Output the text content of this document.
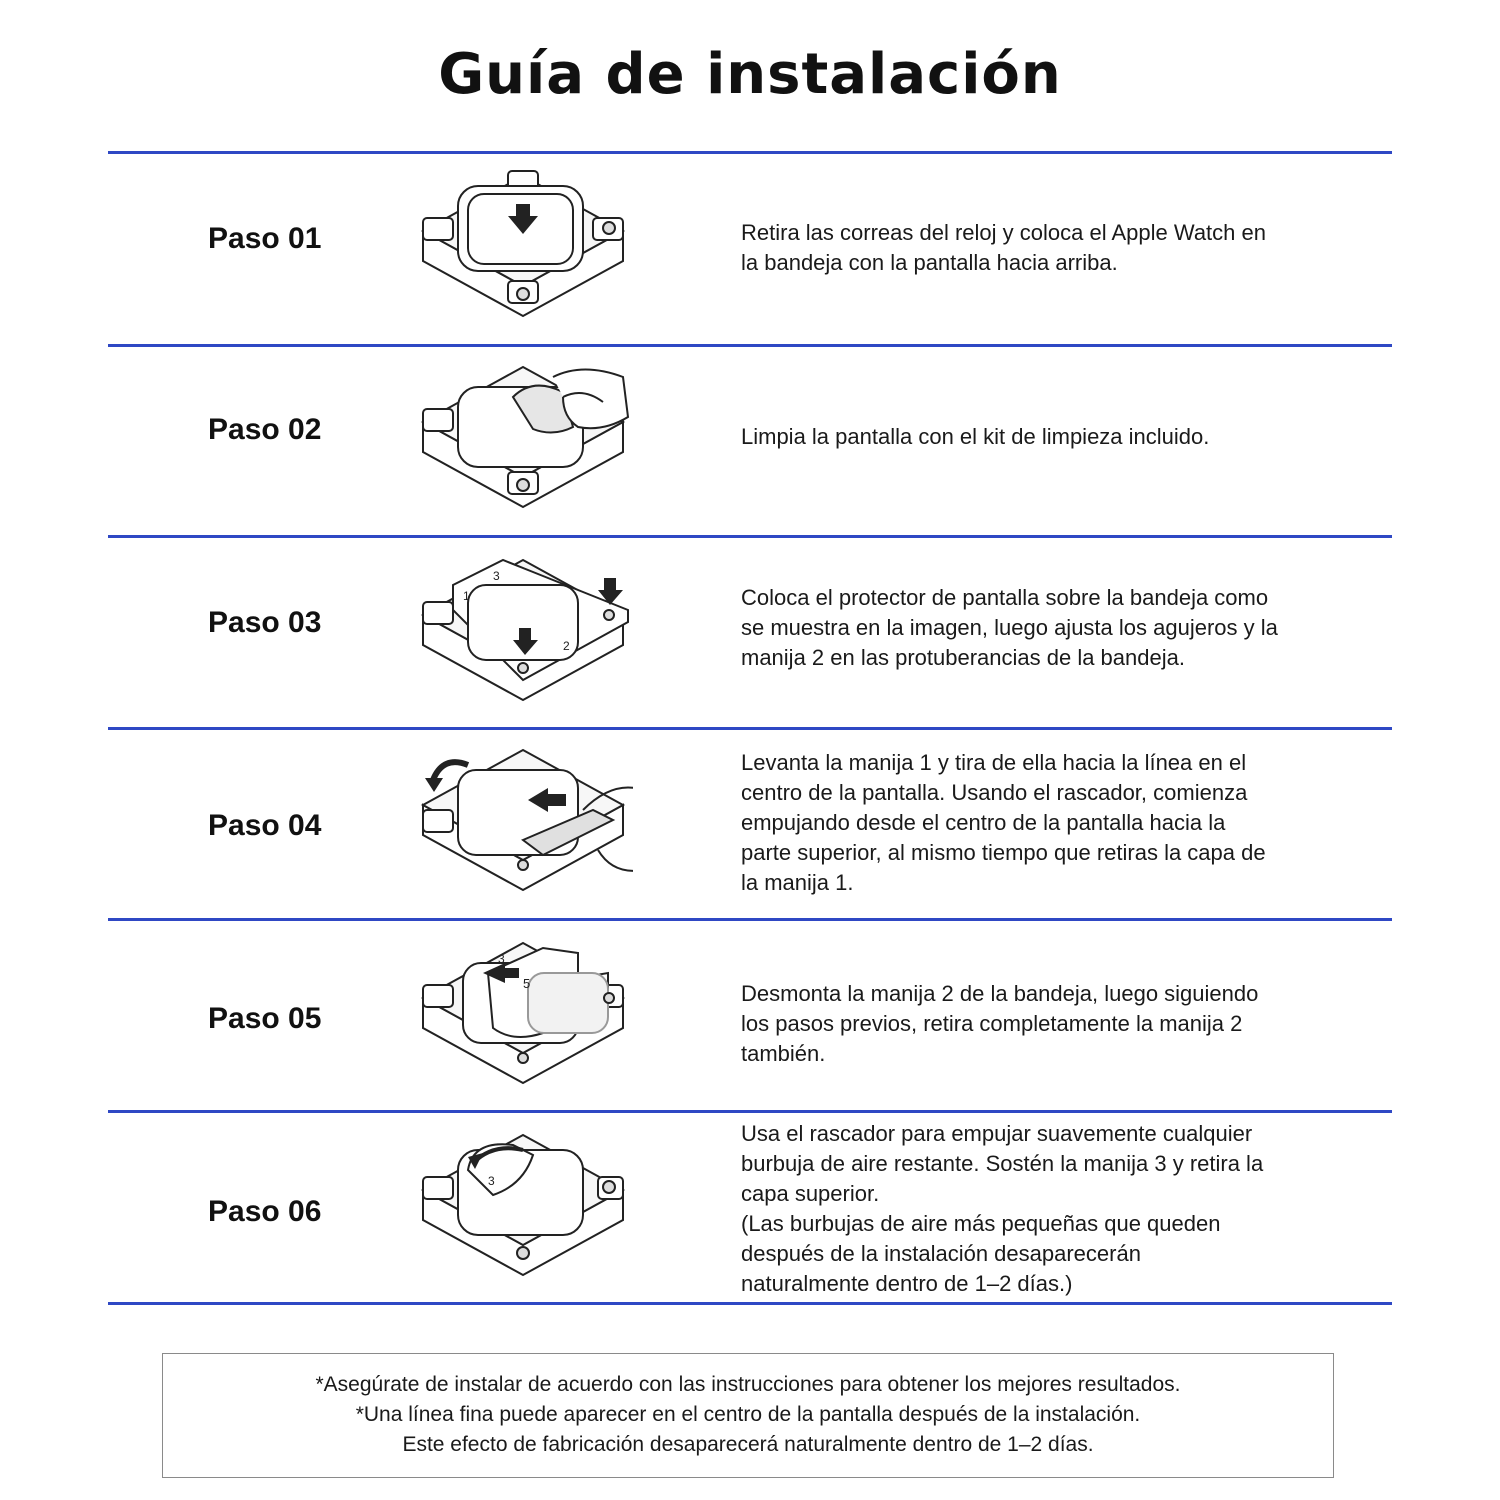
Guía de instalación
Paso 01	Retira las correas del reloj y coloca el Apple Watch en
la bandeja con la pantalla hacia arriba.
Paso 02	Limpia la pantalla con el kit de limpieza incluido.
Paso 03
3
1
2
Coloca el protector de pantalla sobre la bandeja como
se muestra en la imagen, luego ajusta los agujeros y la
manija 2 en las protuberancias de la bandeja.
Paso 04
Levanta la manija 1 y tira de ella hacia la línea en el
centro de la pantalla. Usando el rascador, comienza
empujando desde el centro de la pantalla hacia la
parte superior, al mismo tiempo que retiras la capa de
la manija 1.
Paso 05
5
3
Desmonta la manija 2 de la bandeja, luego siguiendo
los pasos previos, retira completamente la manija 2
también.
Paso 06
3
Usa el rascador para empujar suavemente cualquier
burbuja de aire restante. Sostén la manija 3 y retira la
capa superior.
(Las burbujas de aire más pequeñas que queden
después de la instalación desaparecerán
naturalmente dentro de 1–2 días.)
*Asegúrate de instalar de acuerdo con las instrucciones para obtener los mejores resultados.
*Una línea fina puede aparecer en el centro de la pantalla después de la instalación.
Este efecto de fabricación desaparecerá naturalmente dentro de 1–2 días.
